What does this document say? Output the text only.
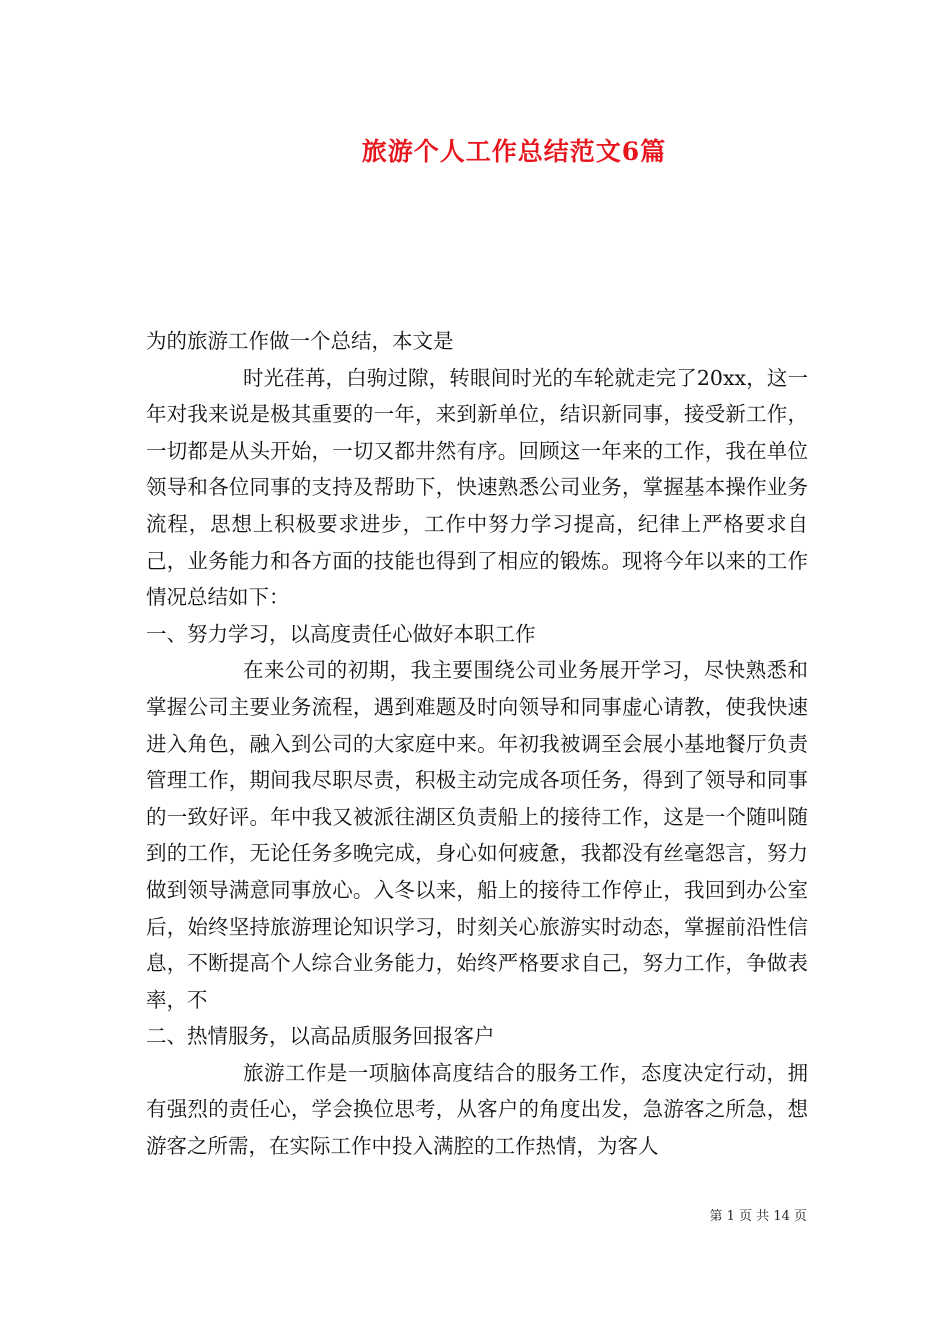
旅游个人工作总结范文6篇

为的旅游工作做一个总结，本文是

时光荏苒，白驹过隙，转眼间时光的车轮就走完了20xx，这一年对我来说是极其重要的一年，来到新单位，结识新同事，接受新工作，一切都是从头开始，一切又都井然有序。回顾这一年来的工作，我在单位领导和各位同事的支持及帮助下，快速熟悉公司业务，掌握基本操作业务流程，思想上积极要求进步，工作中努力学习提高，纪律上严格要求自己，业务能力和各方面的技能也得到了相应的锻炼。现将今年以来的工作情况总结如下：

一、努力学习，以高度责任心做好本职工作

在来公司的初期，我主要围绕公司业务展开学习，尽快熟悉和掌握公司主要业务流程，遇到难题及时向领导和同事虚心请教，使我快速进入角色，融入到公司的大家庭中来。年初我被调至会展小基地餐厅负责管理工作，期间我尽职尽责，积极主动完成各项任务，得到了领导和同事的一致好评。年中我又被派往湖区负责船上的接待工作，这是一个随叫随到的工作，无论任务多晚完成，身心如何疲惫，我都没有丝毫怨言，努力做到领导满意同事放心。入冬以来，船上的接待工作停止，我回到办公室后，始终坚持旅游理论知识学习，时刻关心旅游实时动态，掌握前沿性信息，不断提高个人综合业务能力，始终严格要求自己，努力工作，争做表率，不

二、热情服务，以高品质服务回报客户

旅游工作是一项脑体高度结合的服务工作，态度决定行动，拥有强烈的责任心，学会换位思考，从客户的角度出发，急游客之所急，想游客之所需，在实际工作中投入满腔的工作热情，为客人

第 1 页 共 14 页
